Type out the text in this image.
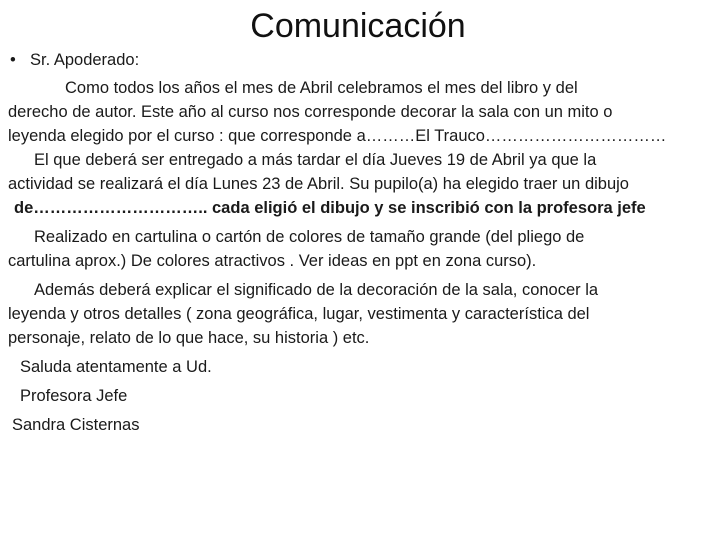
Comunicación
• Sr. Apoderado:
Como todos los años el mes de Abril celebramos el mes del libro y del
derecho de autor. Este año al curso nos corresponde decorar la sala con un mito o
leyenda elegido por el curso : que corresponde a………El Trauco……………………………
El que deberá ser entregado a más tardar el día Jueves 19 de Abril ya que la
actividad se realizará el día Lunes 23 de Abril. Su pupilo(a) ha elegido traer un dibujo
de………………………….. cada eligió el dibujo y se inscribió con la profesora jefe
Realizado en cartulina o cartón de colores de tamaño grande (del pliego de
cartulina aprox.) De colores atractivos . Ver ideas en ppt en zona curso).
Además deberá explicar el significado de la decoración de la sala, conocer la
leyenda y otros detalles ( zona geográfica, lugar, vestimenta y característica del
personaje, relato de lo que hace, su historia ) etc.
Saluda atentamente a Ud.
Profesora Jefe
Sandra Cisternas
